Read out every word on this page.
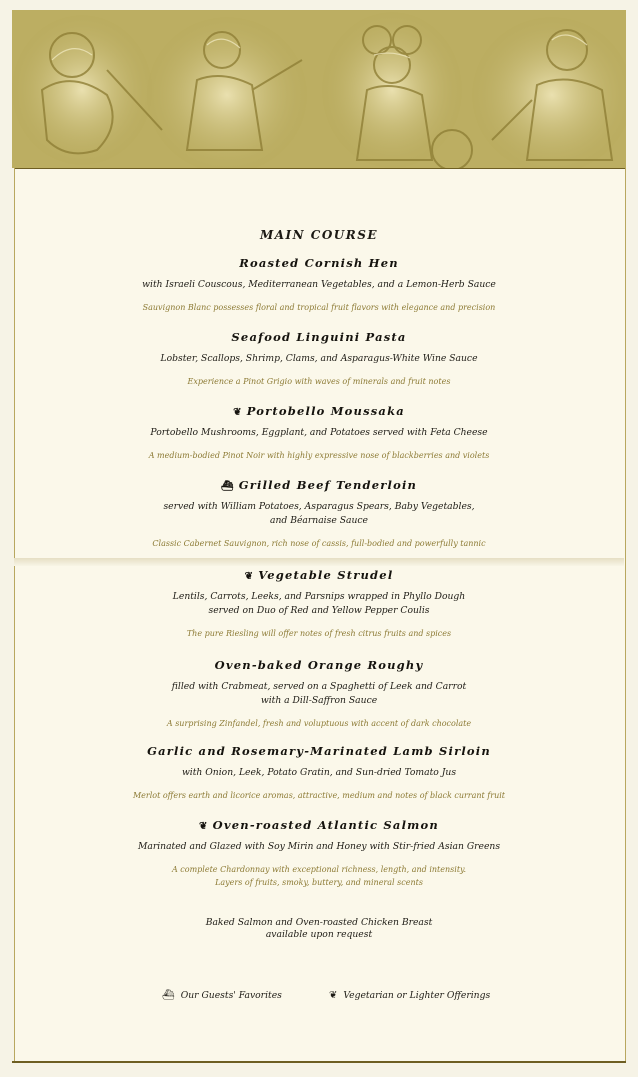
MAIN COURSE
Roasted Cornish Hen
with Israeli Couscous, Mediterranean Vegetables, and a Lemon-Herb Sauce
Sauvignon Blanc possesses floral and tropical fruit flavors with elegance and precision
Seafood Linguini Pasta
Lobster, Scallops, Shrimp, Clams, and Asparagus-White Wine Sauce
Experience a Pinot Grigio with waves of minerals and fruit notes
❦ Portobello Moussaka
Portobello Mushrooms, Eggplant, and Potatoes served with Feta Cheese
A medium-bodied Pinot Noir with highly expressive nose of blackberries and violets
⛴ Grilled Beef Tenderloin
served with William Potatoes, Asparagus Spears, Baby Vegetables,
and Béarnaise Sauce
Classic Cabernet Sauvignon, rich nose of cassis, full-bodied and powerfully tannic
❦ Vegetable Strudel
Lentils, Carrots, Leeks, and Parsnips wrapped in Phyllo Dough
served on Duo of Red and Yellow Pepper Coulis
The pure Riesling will offer notes of fresh citrus fruits and spices
Oven-baked Orange Roughy
filled with Crabmeat, served on a Spaghetti of Leek and Carrot
with a Dill-Saffron Sauce
A surprising Zinfandel, fresh and voluptuous with accent of dark chocolate
Garlic and Rosemary-Marinated Lamb Sirloin
with Onion, Leek, Potato Gratin, and Sun-dried Tomato Jus
Merlot offers earth and licorice aromas, attractive, medium and notes of black currant fruit
❦ Oven-roasted Atlantic Salmon
Marinated and Glazed with Soy Mirin and Honey with Stir-fried Asian Greens
A complete Chardonnay with exceptional richness, length, and intensity.
Layers of fruits, smoky, buttery, and mineral scents
Baked Salmon and Oven-roasted Chicken Breast
available upon request
⛴ Our Guests' Favorites	❦ Vegetarian or Lighter Offerings
